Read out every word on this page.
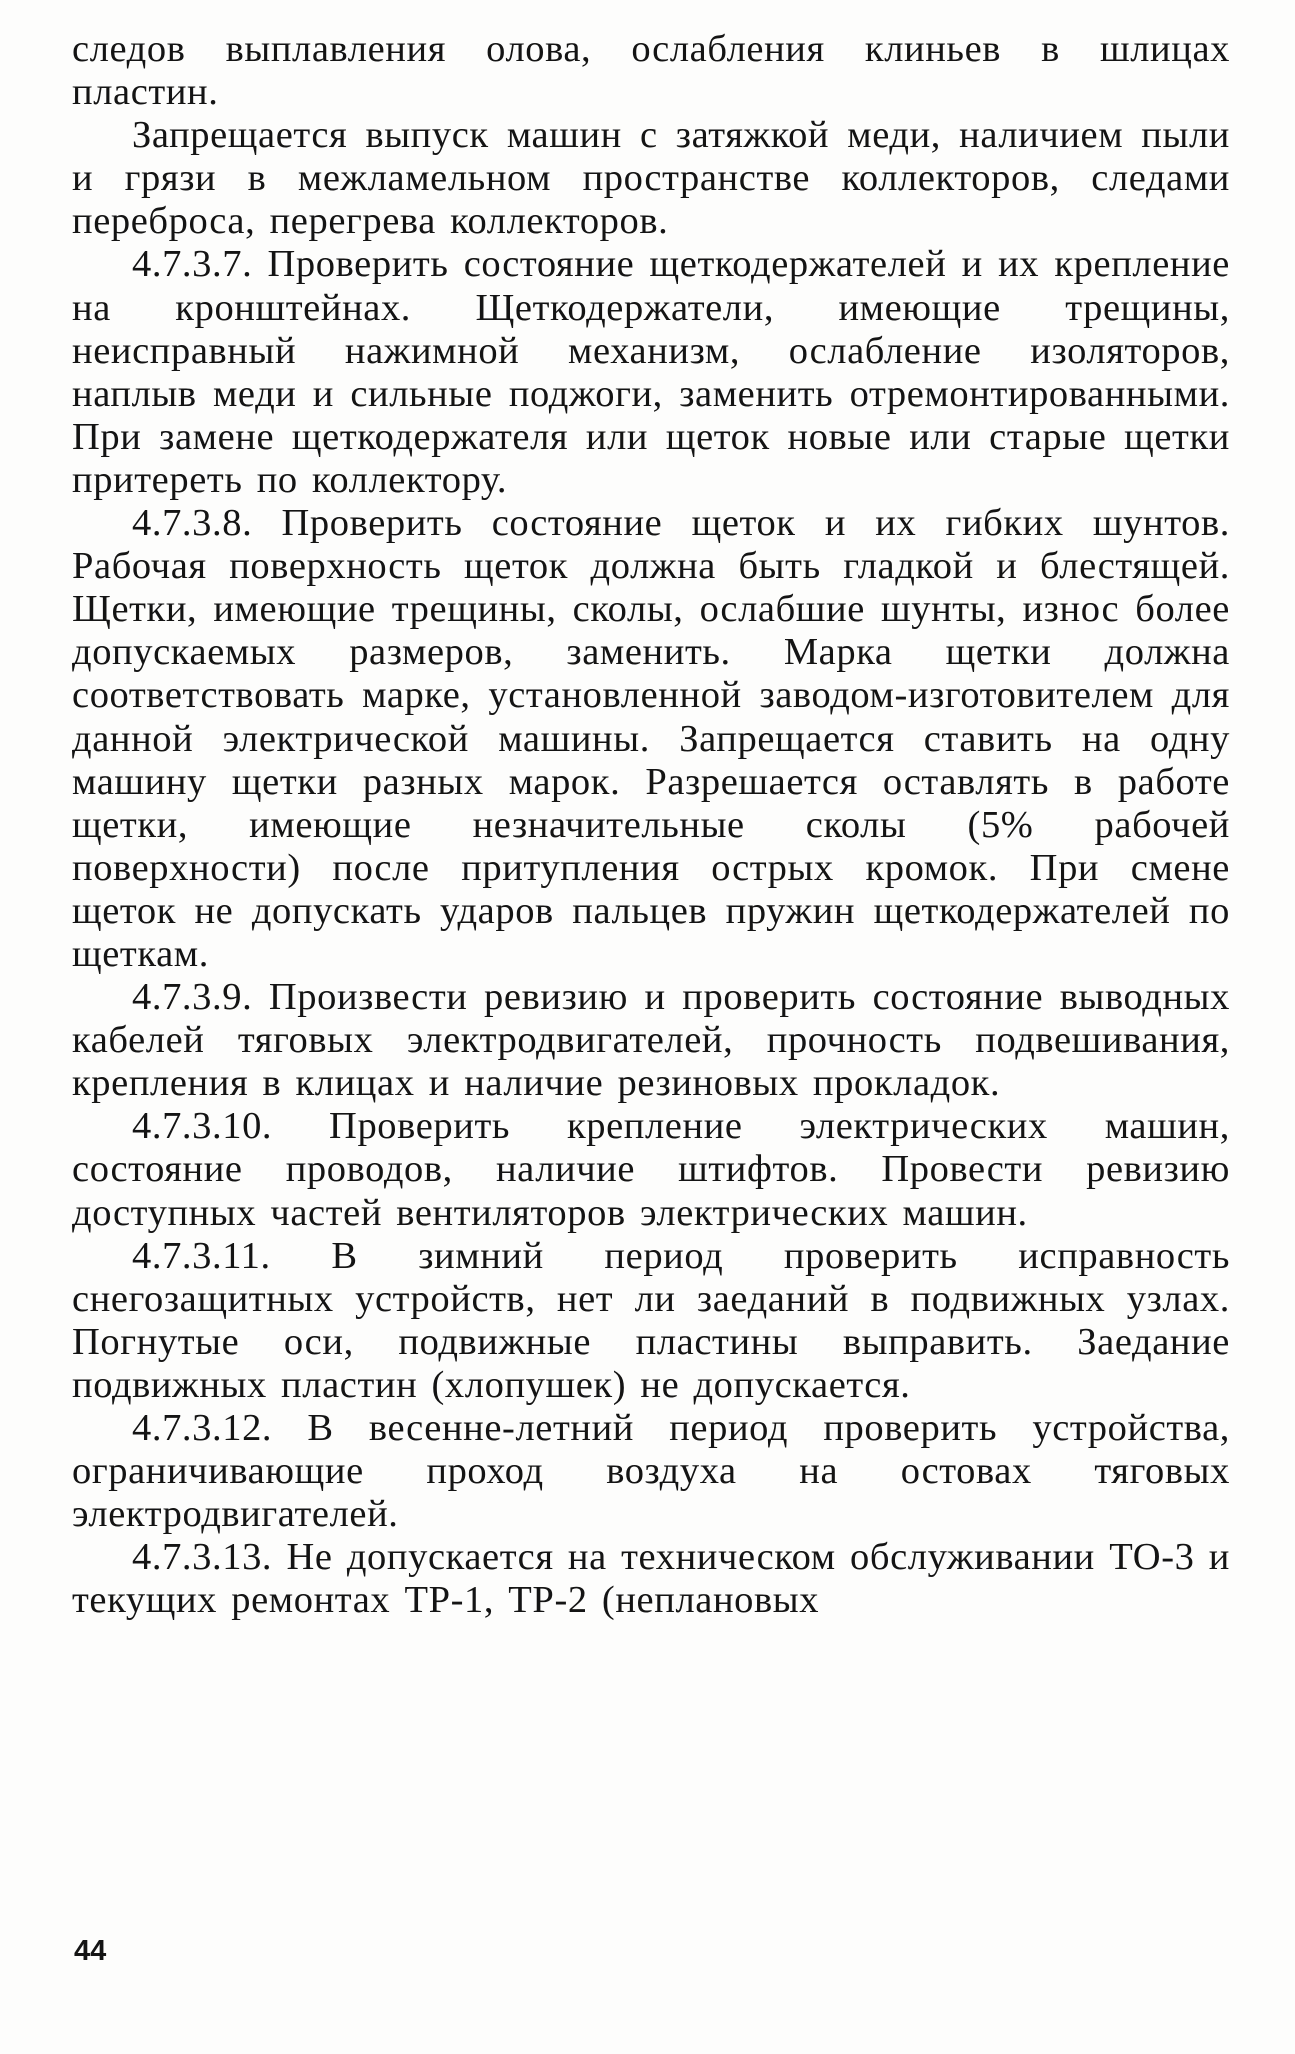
следов выплавления олова, ослабления клиньев в шлицах пластин.

Запрещается выпуск машин с затяжкой меди, наличием пыли и грязи в межламельном пространстве коллекторов, следами переброса, перегрева коллекторов.

4.7.3.7. Проверить состояние щеткодержателей и их крепление на кронштейнах. Щеткодержатели, имеющие трещины, неисправный нажимной механизм, ослабление изоляторов, наплыв меди и сильные поджоги, заменить отремонтированными. При замене щеткодержателя или щеток новые или старые щетки притереть по коллектору.

4.7.3.8. Проверить состояние щеток и их гибких шунтов. Рабочая поверхность щеток должна быть гладкой и блестящей. Щетки, имеющие трещины, сколы, ослабшие шунты, износ более допускаемых размеров, заменить. Марка щетки должна соответствовать марке, установленной заводом-изготовителем для данной электрической машины. Запрещается ставить на одну машину щетки разных марок. Разрешается оставлять в работе щетки, имеющие незначительные сколы (5% рабочей поверхности) после притупления острых кромок. При смене щеток не допускать ударов пальцев пружин щеткодержателей по щеткам.

4.7.3.9. Произвести ревизию и проверить состояние выводных кабелей тяговых электродвигателей, прочность подвешивания, крепления в клицах и наличие резиновых прокладок.

4.7.3.10. Проверить крепление электрических машин, состояние проводов, наличие штифтов. Провести ревизию доступных частей вентиляторов электрических машин.

4.7.3.11. В зимний период проверить исправность снегозащитных устройств, нет ли заеданий в подвижных узлах. Погнутые оси, подвижные пластины выправить. Заедание подвижных пластин (хлопушек) не допускается.

4.7.3.12. В весенне-летний период проверить устройства, ограничивающие проход воздуха на остовах тяговых электродвигателей.

4.7.3.13. Не допускается на техническом обслуживании ТО-3 и текущих ремонтах ТР-1, ТР-2 (неплановых

44
